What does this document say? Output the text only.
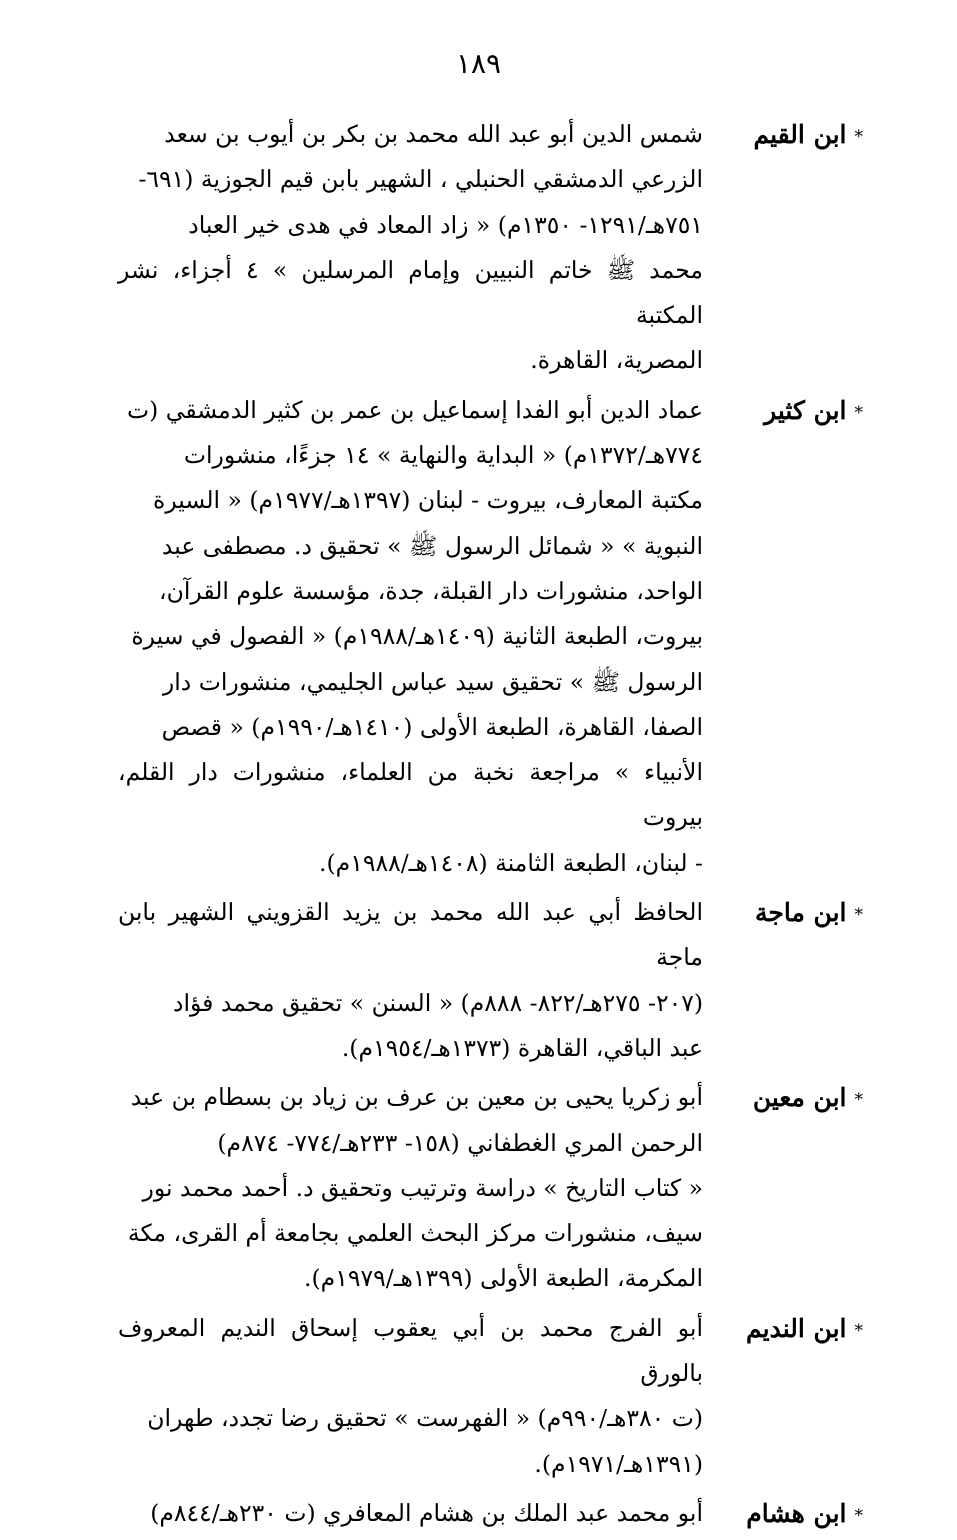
١٨٩
*
ابن القيم
شمس الدين أبو عبد الله محمد بن بكر بن أيوب بن سعد
الزرعي الدمشقي الحنبلي ، الشهير بابن قيم الجوزية (٦٩١-
٧٥١هـ/١٢٩١- ١٣٥٠م) « زاد المعاد في هدى خير العباد
محمد ﷺ خاتم النبيين وإمام المرسلين » ٤ أجزاء، نشر المكتبة
المصرية، القاهرة.
*
ابن كثير
عماد الدين أبو الفدا إسماعيل بن عمر بن كثير الدمشقي (ت
٧٧٤هـ/١٣٧٢م) « البداية والنهاية » ١٤ جزءًا، منشورات
مكتبة المعارف، بيروت - لبنان (١٣٩٧هـ/١٩٧٧م) « السيرة
النبوية » « شمائل الرسول ﷺ » تحقيق د. مصطفى عبد
الواحد، منشورات دار القبلة، جدة، مؤسسة علوم القرآن،
بيروت، الطبعة الثانية (١٤٠٩هـ/١٩٨٨م) « الفصول في سيرة
الرسول ﷺ » تحقيق سيد عباس الجليمي، منشورات دار
الصفا، القاهرة، الطبعة الأولى (١٤١٠هـ/١٩٩٠م) « قصص
الأنبياء » مراجعة نخبة من العلماء، منشورات دار القلم، بيروت
- لبنان، الطبعة الثامنة (١٤٠٨هـ/١٩٨٨م).
*
ابن ماجة
الحافظ أبي عبد الله محمد بن يزيد القزويني الشهير بابن ماجة
(٢٠٧- ٢٧٥هـ/٨٢٢- ٨٨٨م) « السنن » تحقيق محمد فؤاد
عبد الباقي، القاهرة (١٣٧٣هـ/١٩٥٤م).
*
ابن معين
أبو زكريا يحيى بن معين بن عرف بن زياد بن بسطام بن عبد
الرحمن المري الغطفاني (١٥٨- ٢٣٣هـ/٧٧٤- ٨٧٤م)
« كتاب التاريخ » دراسة وترتيب وتحقيق د. أحمد محمد نور
سيف، منشورات مركز البحث العلمي بجامعة أم القرى، مكة
المكرمة، الطبعة الأولى (١٣٩٩هـ/١٩٧٩م).
*
ابن النديم
أبو الفرج محمد بن أبي يعقوب إسحاق النديم المعروف بالورق
(ت ٣٨٠هـ/٩٩٠م) « الفهرست » تحقيق رضا تجدد، طهران
(١٣٩١هـ/١٩٧١م).
*
ابن هشام
أبو محمد عبد الملك بن هشام المعافري (ت ٢٣٠هـ/٨٤٤م)
